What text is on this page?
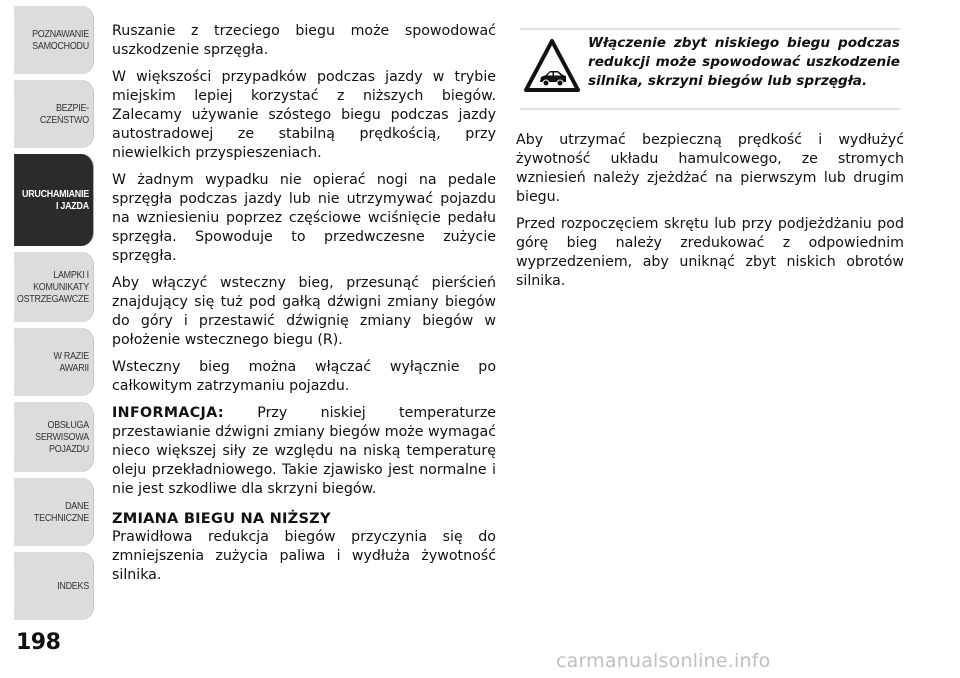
POZNAWANIE
SAMOCHODU
BEZPIE-
CZEŃSTWO
URUCHAMIANIE
I JAZDA
LAMPKI I
KOMUNIKATY
OSTRZEGAWCZE
W RAZIE
AWARII
OBSŁUGA
SERWISOWA
POJAZDU
DANE
TECHNICZNE
INDEKS
198

Ruszanie z trzeciego biegu może spowodować uszkodzenie sprzęgła.

W większości przypadków podczas jazdy w trybie miejskim lepiej korzystać z niższych biegów. Zalecamy używanie szóstego biegu podczas jazdy autostradowej ze stabilną prędkością, przy niewielkich przyspieszeniach.

W żadnym wypadku nie opierać nogi na pedale sprzęgła podczas jazdy lub nie utrzymywać pojazdu na wzniesieniu poprzez częściowe wciśnięcie pedału sprzęgła. Spowoduje to przedwczesne zużycie sprzęgła.

Aby włączyć wsteczny bieg, przesunąć pierścień znajdujący się tuż pod gałką dźwigni zmiany biegów do góry i przestawić dźwignię zmiany biegów w położenie wstecznego biegu (R).

Wsteczny bieg można włączać wyłącznie po całkowitym zatrzymaniu pojazdu.

INFORMACJA: Przy niskiej temperaturze przestawianie dźwigni zmiany biegów może wymagać nieco większej siły ze względu na niską temperaturę oleju przekładniowego. Takie zjawisko jest normalne i nie jest szkodliwe dla skrzyni biegów.

ZMIANA BIEGU NA NIŻSZY

Prawidłowa redukcja biegów przyczynia się do zmniejszenia zużycia paliwa i wydłuża żywotność silnika.

Włączenie zbyt niskiego biegu podczas redukcji może spowodować uszkodzenie silnika, skrzyni biegów lub sprzęgła.

Aby utrzymać bezpieczną prędkość i wydłużyć żywotność układu hamulcowego, ze stromych wzniesień należy zjeżdżać na pierwszym lub drugim biegu.

Przed rozpoczęciem skrętu lub przy podjeżdżaniu pod górę bieg należy zredukować z odpowiednim wyprzedzeniem, aby uniknąć zbyt niskich obrotów silnika.

carmanualsonline.info
